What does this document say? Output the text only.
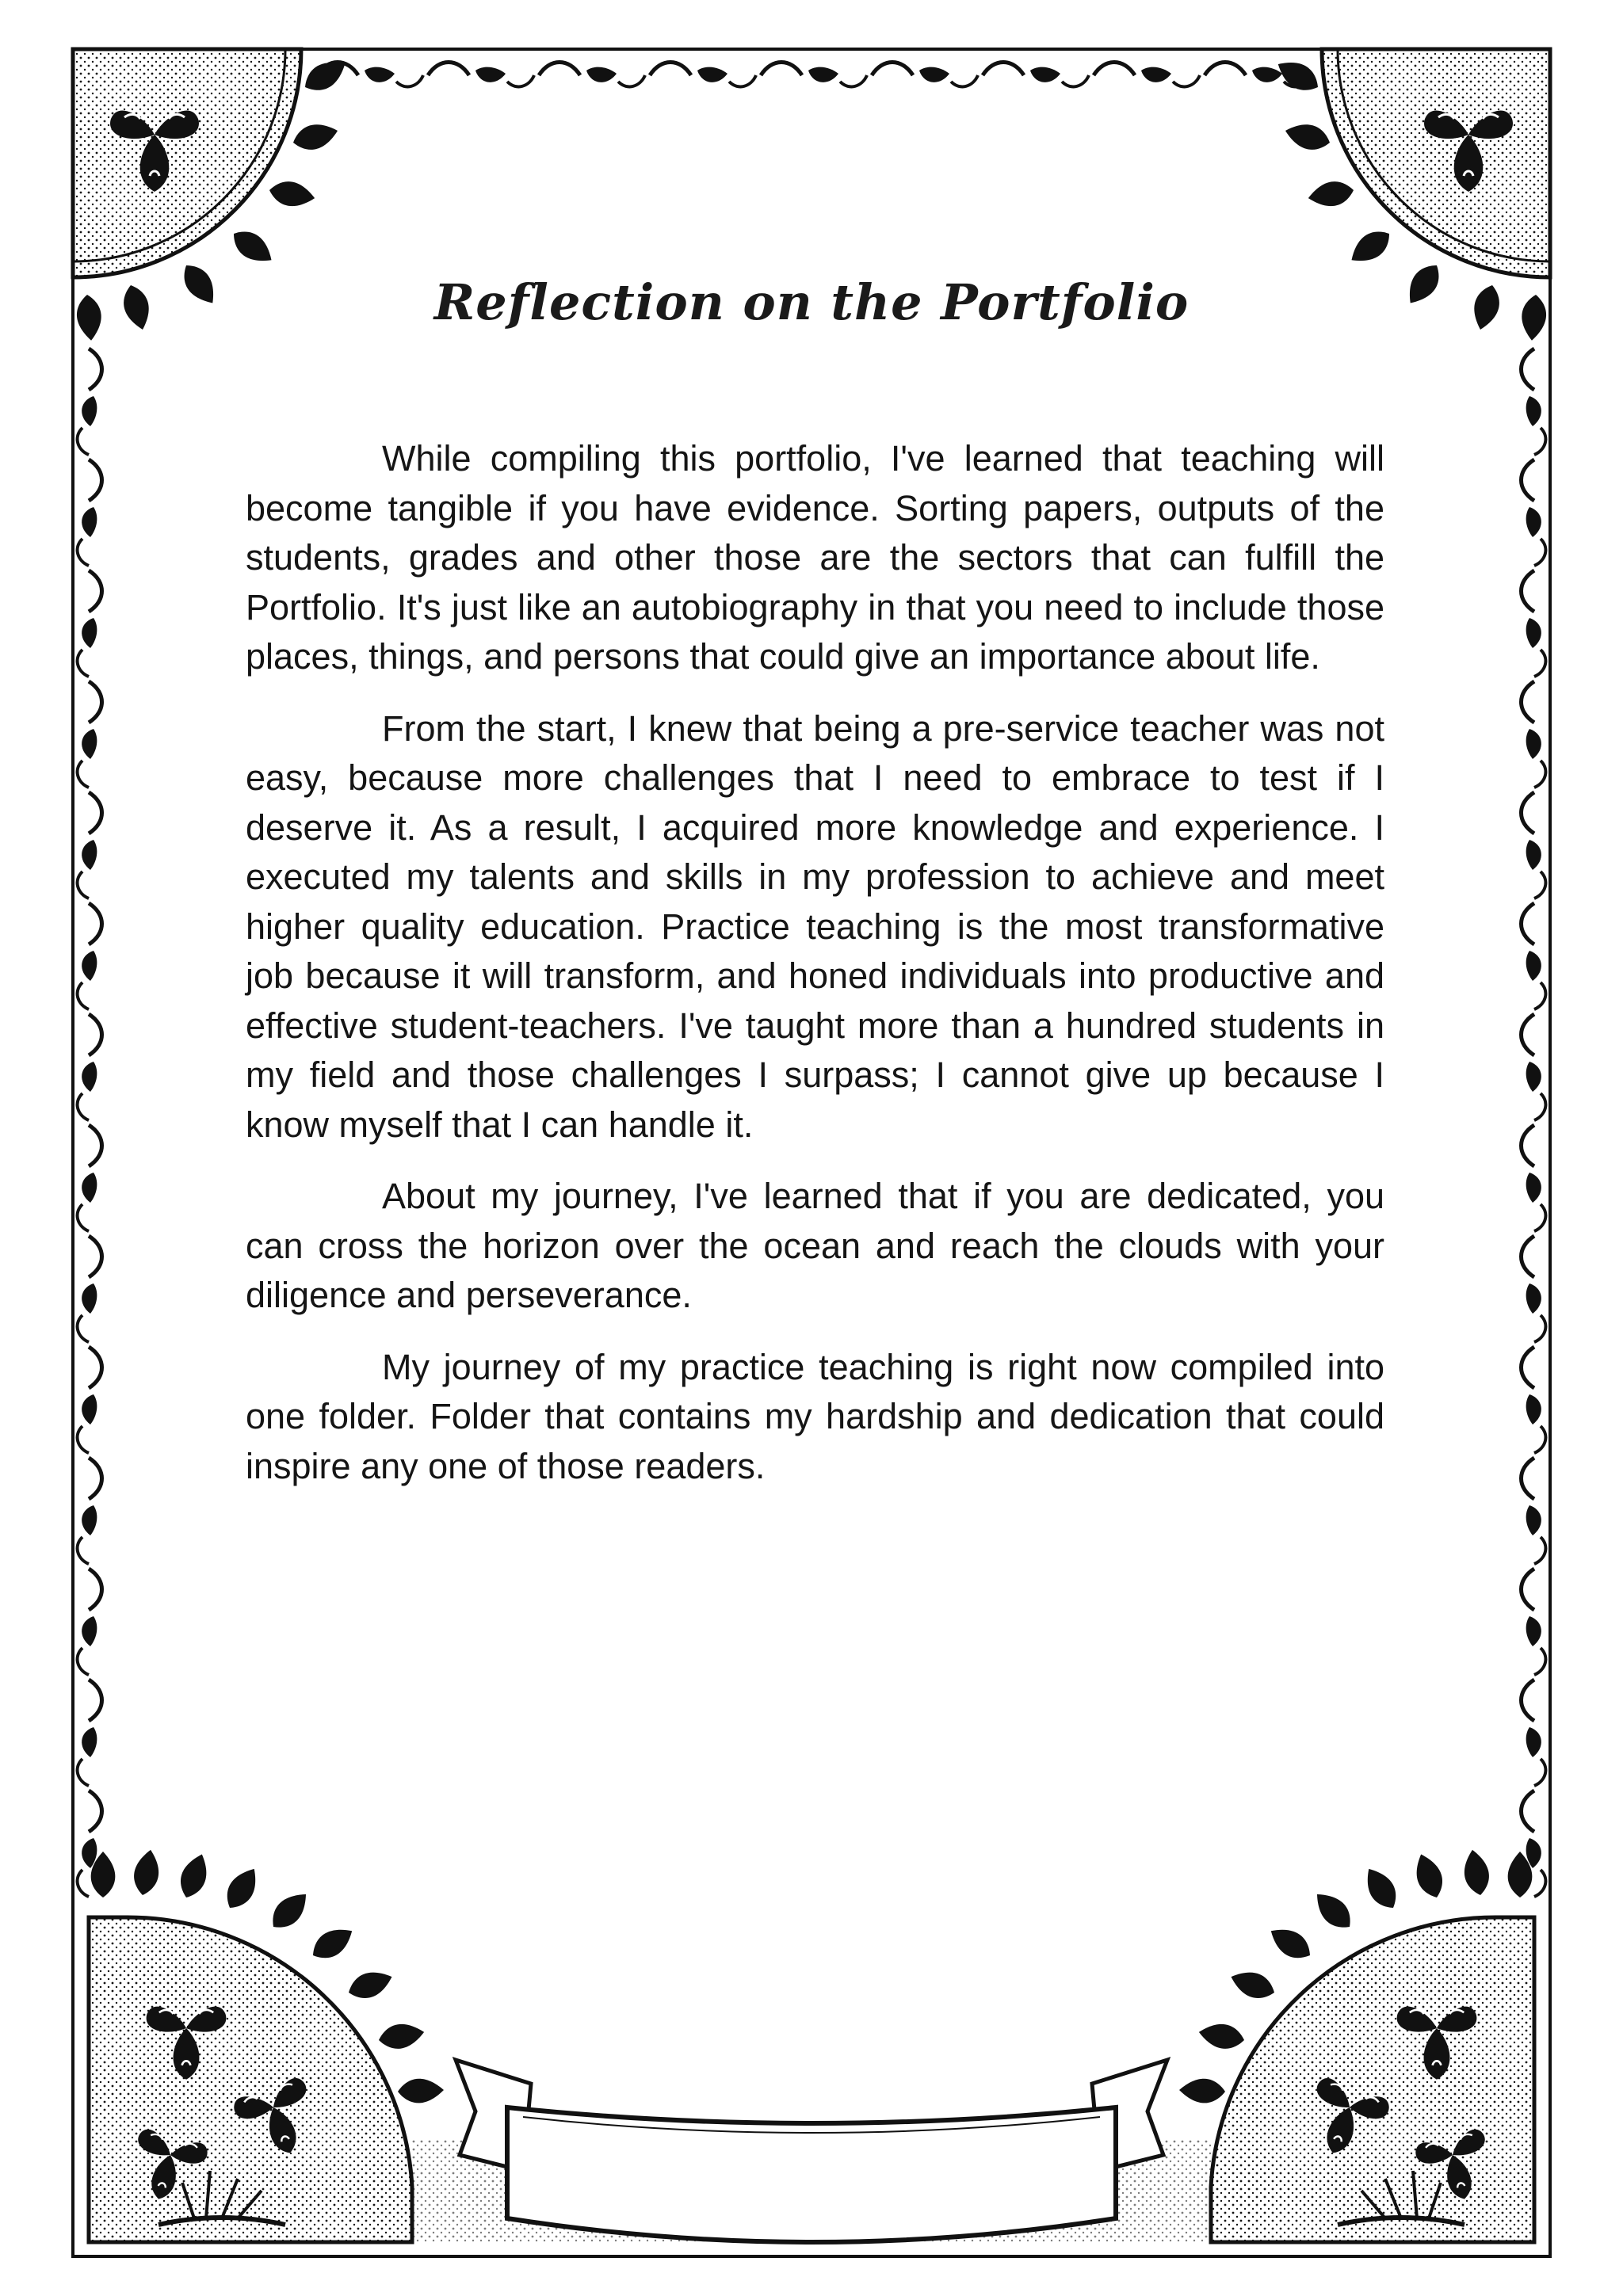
Reflection on the Portfolio

While compiling this portfolio, I've learned that teaching will become tangible if you have evidence. Sorting papers, outputs of the students, grades and other those are the sectors that can fulfill the Portfolio. It's just like an autobiography in that you need to include those places, things, and persons that could give an importance about life.

From the start, I knew that being a pre-service teacher was not easy, because more challenges that I need to embrace to test if I deserve it. As a result, I acquired more knowledge and experience. I executed my talents and skills in my profession to achieve and meet higher quality education. Practice teaching is the most transformative job because it will transform, and honed individuals into productive and effective student-teachers. I've taught more than a hundred students in my field and those challenges I surpass; I cannot give up because I know myself that I can handle it.

About my journey, I've learned that if you are dedicated, you can cross the horizon over the ocean and reach the clouds with your diligence and perseverance.

My journey of my practice teaching is right now compiled into one folder. Folder that contains my hardship and dedication that could inspire any one of those readers.
